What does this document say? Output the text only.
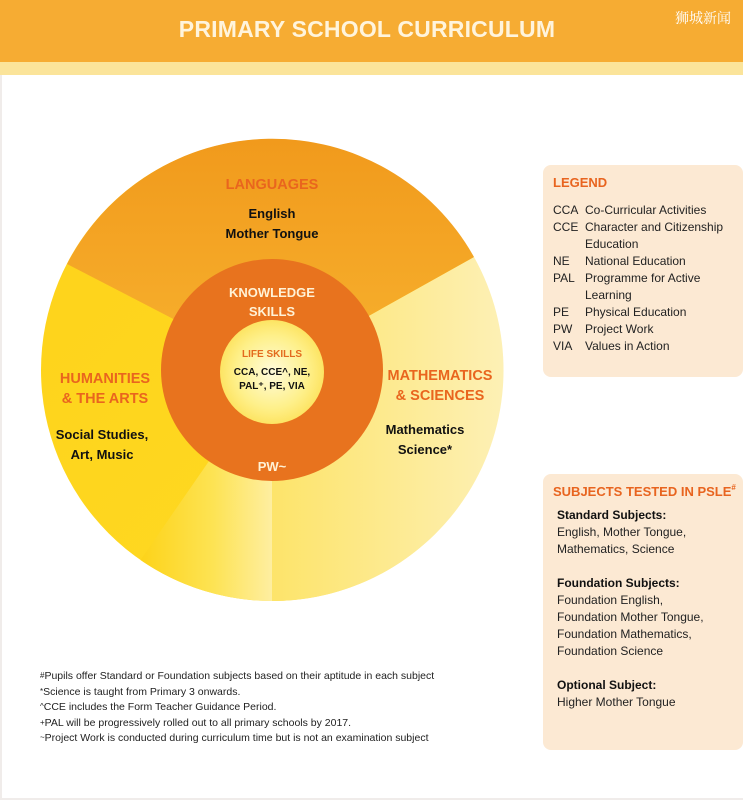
PRIMARY SCHOOL CURRICULUM	狮城新闻
LANGUAGES
English
Mother Tongue
HUMANITIES
& THE ARTS
Social Studies,
Art, Music
MATHEMATICS
& SCIENCES
Mathematics
Science*
KNOWLEDGE
SKILLS
PW~
LIFE SKILLS
CCA, CCE^, NE,
PAL⁺, PE, VIA
LEGEND
CCA Co-Curricular Activities
CCE Character and Citizenship Education
NE	National Education
PAL Programme for Active Learning
PE	Physical Education
PW	Project Work
VIA	Values in Action
SUBJECTS TESTED IN PSLE#
Standard Subjects:
English, Mother Tongue,
Mathematics, Science
Foundation Subjects:
Foundation English,
Foundation Mother Tongue,
Foundation Mathematics,
Foundation Science
Optional Subject:
Higher Mother Tongue
#Pupils offer Standard or Foundation subjects based on their aptitude in each subject
*Science is taught from Primary 3 onwards.
^CCE includes the Form Teacher Guidance Period.
+PAL will be progressively rolled out to all primary schools by 2017.
~Project Work is conducted during curriculum time but is not an examination subject
